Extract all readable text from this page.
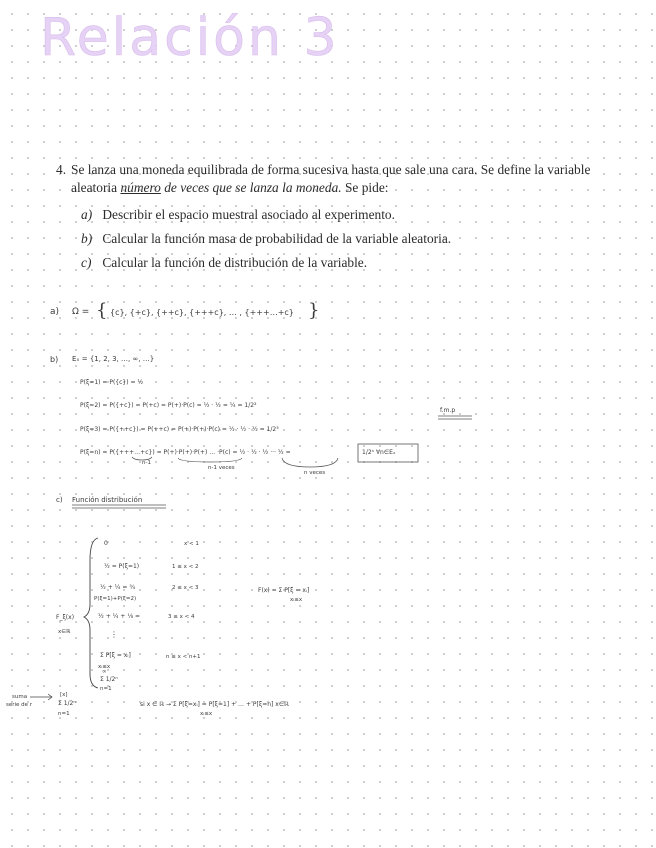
Relación 3
4. Se lanza una moneda equilibrada de forma sucesiva hasta que sale una cara. Se define la variable aleatoria número de veces que se lanza la moneda. Se pide:
a) Describir el espacio muestral asociado al experimento.
b) Calcular la función masa de probabilidad de la variable aleatoria.
c) Calcular la función de distribución de la variable.
a) Ω = { {c}, {+c}, {++c}, {+++c}, … , {+++…+c} }
b) Eₓ = {1, 2, 3, …, ∞, …}
P(ξ=1) = P({c}) = ½
P(ξ=2) = P({+c}) = P(+c) = P(+)·P(c) = ½ · ½ = ¼ = 1/2²
P(ξ=3) = P({++c}) = P(++c) = P(+)·P(+)·P(c) = ½ · ½ · ½ = 1/2³
P(ξ=n) = P({+++…+c}) = P(+)·P(+)·P(+) … ·P(c) = ½ · ½ · ½ ··· ½ =
n-1
n-1 veces
n veces
1/2ⁿ ∀n∈Eₓ
f.m.p
c) Función distribución
F_ξ(x)
x∈ℝ
0	x < 1
½ = P(ξ=1)	1 ≤ x < 2
½ + ¼ = ¾	2 ≤ x < 3
P(ξ=1)+P(ξ=2)
½ + ¼ + ⅛ =	3 ≤ x < 4
⋮
Σ P[ξ = xᵢ]	n ≤ x < n+1
xᵢ≤x
∞
Σ 1/2ⁿ
n=1
F(x) = Σ P[ξ = xᵢ]
xᵢ≤x
suma
serie de r
[x]
Σ 1/2ⁿ
n=1
si x ∈ ℝ → Σ P[ξ=xᵢ] = P[ξ=1] + … + P[ξ=n] x∈ℝ
xᵢ≤x
